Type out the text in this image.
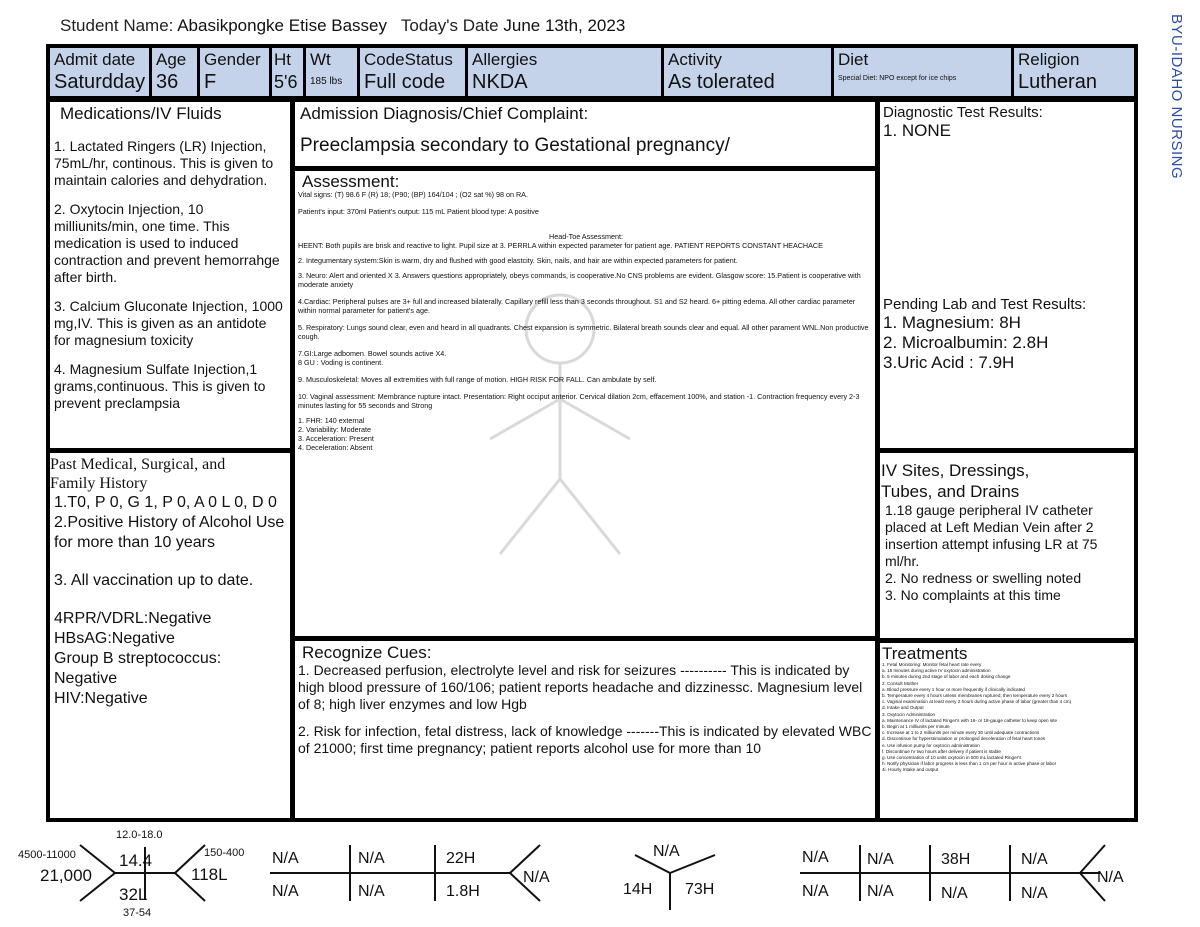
Student Name: Abasikpongke Etise Bassey Today's Date June 13th, 2023	BYU-IDAHO NURSING
Admit date
Saturdday
Age
36
Gender
F
Ht
5'6
Wt
185 lbs
CodeStatus
Full code
Allergies
NKDA
Activity
As tolerated
Diet
Special Diet: NPO except for ice chips
Religion
Lutheran
Medications/IV Fluids
1. Lactated Ringers (LR) Injection, 75mL/hr, continous. This is given to maintain calories and dehydration.
2. Oxytocin Injection, 10 milliunits/min, one time. This medication is used to induced contraction and prevent hemorrahge after birth.
3. Calcium Gluconate Injection, 1000 mg,IV. This is given as an antidote for magnesium toxicity
4. Magnesium Sulfate Injection,1 grams,continuous. This is given to prevent preclampsia
Past Medical, Surgical, and Family History
1.T0, P 0, G 1, P 0, A 0 L 0, D 0
2.Positive History of Alcohol Use for more than 10 years
3. All vaccination up to date.
4RPR/VDRL:Negative
HBsAG:Negative
Group B streptococcus: Negative
HIV:Negative
Admission Diagnosis/Chief Complaint:
Preeclampsia secondary to Gestational pregnancy/
Assessment:
Vital signs: (T) 98.6 F (R) 18; (P90; (BP) 164/104 ; (O2 sat %) 98 on RA.
Patient's input: 370ml Patient's output: 115 mL Patient blood type: A positive
Head-Toe Assessment:
HEENT: Both pupils are brisk and reactive to light. Pupil size at 3. PERRLA within expected parameter for patient age. PATIENT REPORTS CONSTANT HEACHACE
2. Integumentary system:Skin is warm, dry and flushed with good elastcity. Skin, nails, and hair are within expected parameters for patient.
3. Neuro: Alert and oriented X 3. Answers questions appropriately, obeys commands, is cooperative.No CNS problems are evident. Glasgow score: 15.Patient is cooperative with moderate anxiety
4.Cardiac: Peripheral pulses are 3+ full and increased bilaterally. Capillary refill less than 3 seconds throughout. S1 and S2 heard. 6+ pitting edema. All other cardiac parameter within normal parameter for patient's age.
5. Respiratory: Lungs sound clear, even and heard in all quadrants. Chest expansion is symmetric. Bilateral breath sounds clear and equal. All other parament WNL.Non productive cough.
7.GI:Large adbomen. Bowel sounds active X4.
8 GU : Voding is continent.
9. Musculoskeletal: Moves all extremities with full range of motion. HIGH RISK FOR FALL. Can ambulate by self.
10. Vaginal assessment: Membrance rupture intact. Presentation: Right occiput anterior. Cervical dilation 2cm, effacement 100%, and station -1. Contraction frequency every 2-3 minutes lasting for 55 seconds and Strong
1. FHR: 140 external
2. Variability: Moderate
3. Acceleration: Present
4. Deceleration: Absent
Recognize Cues:
1. Decreased perfusion, electrolyte level and risk for seizures ---------- This is indicated by high blood pressure of 160/106; patient reports headache and dizzinessc. Magnesium level of 8; high liver enzymes and low Hgb
2. Risk for infection, fetal distress, lack of knowledge -------This is indicated by elevated WBC of 21000; first time pregnancy; patient reports alcohol use for more than 10
Diagnostic Test Results:
1. NONE
Pending Lab and Test Results:
1. Magnesium: 8H
2. Microalbumin: 2.8H
3.Uric Acid : 7.9H
IV Sites, Dressings, Tubes, and Drains
1.18 gauge peripheral IV catheter placed at Left Median Vein after 2 insertion attempt infusing LR at 75 ml/hr.
2. No redness or swelling noted
3. No complaints at this time
Treatments
1. Fetal Monitoring: Monitor fetal heart rate every
a. 15 minutes during active IV oxytocin administration
b. 5 minutes during 2nd stage of labor and each dosing change
2. Consult Mother
a. Blood pressure every 1 hour or more frequently if clinically indicated
b. Temperature every 4 hours unless membranes ruptured, then temperature every 2 hours
c. Vaginal examination at least every 2 hours during active phase of labor (greater than 4 cm)
d. Intake and Output
3. Oxytocin Administration
a. Maintenance IV of lactated Ringer's with 16- or 18-gauge catheter to keep open site
b. Begin at 1 milliunits per minute
c. Increase at 1 to 2 milliunits per minute every 30 until adequate contractions
d. Discontinue for hyperstimulation or prolonged deceleration of fetal heart tones
e. Use infusion pump for oxytocin administration
f. Discontinue IV two hours after delivery if patient is stable
g. Use concentration of 10 units oxytocin in 500 mL lactated Ringer's
h. Notify physician if labor progress is less than 1 cm per hour in active phase or labor
4i. Hourly Intake and output
12.0-18.0
4500-11000
21,000
14.4
32L
37-54
150-400
118L
N/A	N/A	22H
N/A	N/A	1.8H
N/A
N/A
14H 73H
N/A N/A	38H	N/A
N/A N/A	N/A	N/A
N/A
